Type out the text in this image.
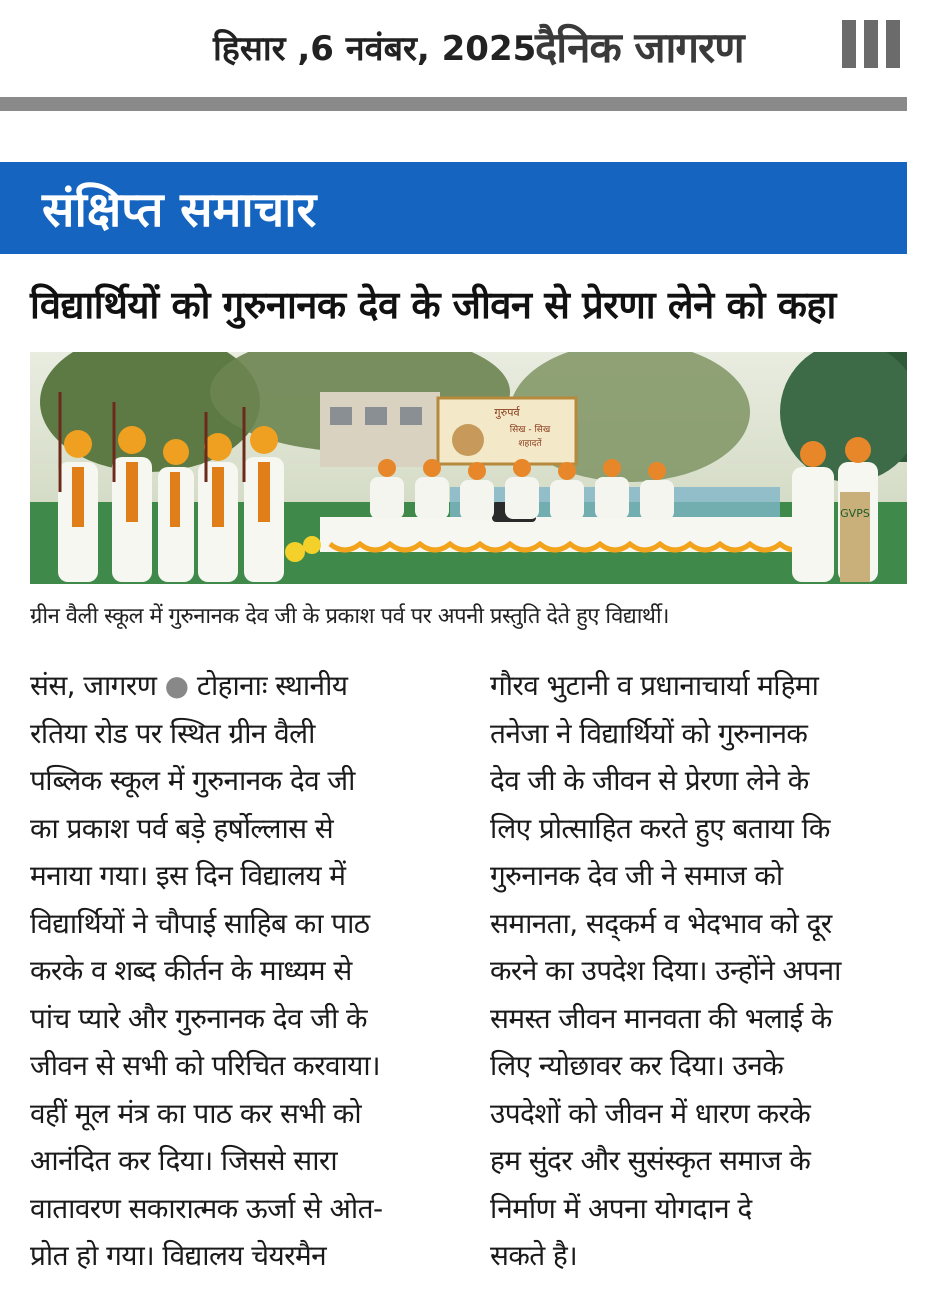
हिसार ,6 नवंबर, 2025
दैनिक जागरण
संक्षिप्त समाचार
विद्यार्थियों को गुरुनानक देव के जीवन से प्रेरणा लेने को कहा
गुरुपर्व
सिख - सिख
शहादतें
GVPS
ग्रीन वैली स्कूल में गुरुनानक देव जी के प्रकाश पर्व पर अपनी प्रस्तुति देते हुए विद्यार्थी।

संस, जागरण ● टोहानाः स्थानीय

रतिया रोड पर स्थित ग्रीन वैली

पब्लिक स्कूल में गुरुनानक देव जी

का प्रकाश पर्व बड़े हर्षोल्लास से

मनाया गया। इस दिन विद्यालय में

विद्यार्थियों ने चौपाई साहिब का पाठ

करके व शब्द कीर्तन के माध्यम से

पांच प्यारे और गुरुनानक देव जी के

जीवन से सभी को परिचित करवाया।

वहीं मूल मंत्र का पाठ कर सभी को

आनंदित कर दिया। जिससे सारा

वातावरण सकारात्मक ऊर्जा से ओत-

प्रोत हो गया। विद्यालय चेयरमैन

गौरव भुटानी व प्रधानाचार्या महिमा

तनेजा ने विद्यार्थियों को गुरुनानक

देव जी के जीवन से प्रेरणा लेने के

लिए प्रोत्साहित करते हुए बताया कि

गुरुनानक देव जी ने समाज को

समानता, सद्कर्म व भेदभाव को दूर

करने का उपदेश दिया। उन्होंने अपना

समस्त जीवन मानवता की भलाई के

लिए न्योछावर कर दिया। उनके

उपदेशों को जीवन में धारण करके

हम सुंदर और सुसंस्कृत समाज के

निर्माण में अपना योगदान दे

सकते है।
